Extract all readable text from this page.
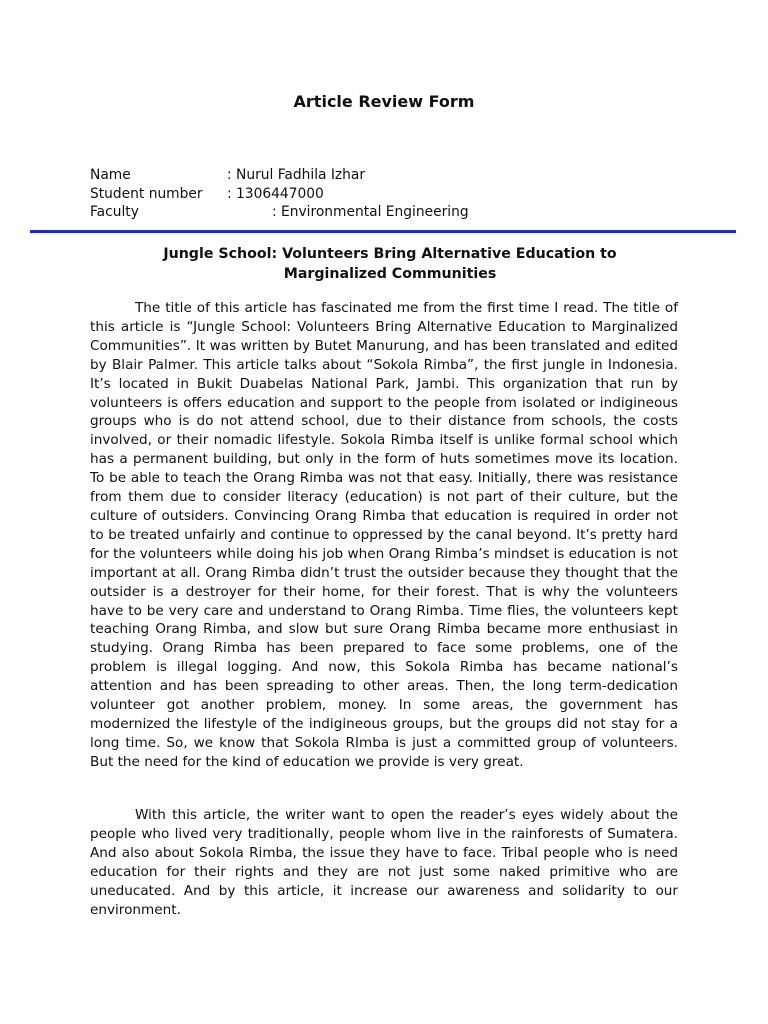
Article Review Form
Name	: Nurul Fadhila Izhar
Student number : 1306447000
Faculty	: Environmental Engineering
Jungle School: Volunteers Bring Alternative Education to
Marginalized Communities

The title of this article has fascinated me from the first time I read. The title of this article is “Jungle School: Volunteers Bring Alternative Education to Marginalized Communities”. It was written by Butet Manurung, and has been translated and edited by Blair Palmer. This article talks about “Sokola Rimba”, the first jungle in Indonesia. It’s located in Bukit Duabelas National Park, Jambi. This organization that run by volunteers is offers education and support to the people from isolated or indigineous groups who is do not attend school, due to their distance from schools, the costs involved, or their nomadic lifestyle. Sokola Rimba itself is unlike formal school which has a permanent building, but only in the form of huts sometimes move its location. To be able to teach the Orang Rimba was not that easy. Initially, there was resistance from them due to consider literacy (education) is not part of their culture, but the culture of outsiders. Convincing Orang Rimba that education is required in order not to be treated unfairly and continue to oppressed by the canal beyond. It’s pretty hard for the volunteers while doing his job when Orang Rimba’s mindset is education is not important at all. Orang Rimba didn’t trust the outsider because they thought that the outsider is a destroyer for their home, for their forest. That is why the volunteers have to be very care and understand to Orang Rimba. Time flies, the volunteers kept teaching Orang Rimba, and slow but sure Orang Rimba became more enthusiast in studying. Orang Rimba has been prepared to face some problems, one of the problem is illegal logging. And now, this Sokola Rimba has became national’s attention and has been spreading to other areas. Then, the long term-dedication volunteer got another problem, money. In some areas, the government has modernized the lifestyle of the indigineous groups, but the groups did not stay for a long time. So, we know that Sokola RImba is just a committed group of volunteers. But the need for the kind of education we provide is very great.

With this article, the writer want to open the reader’s eyes widely about the people who lived very traditionally, people whom live in the rainforests of Sumatera. And also about Sokola Rimba, the issue they have to face. Tribal people who is need education for their rights and they are not just some naked primitive who are uneducated. And by this article, it increase our awareness and solidarity to our environment.
